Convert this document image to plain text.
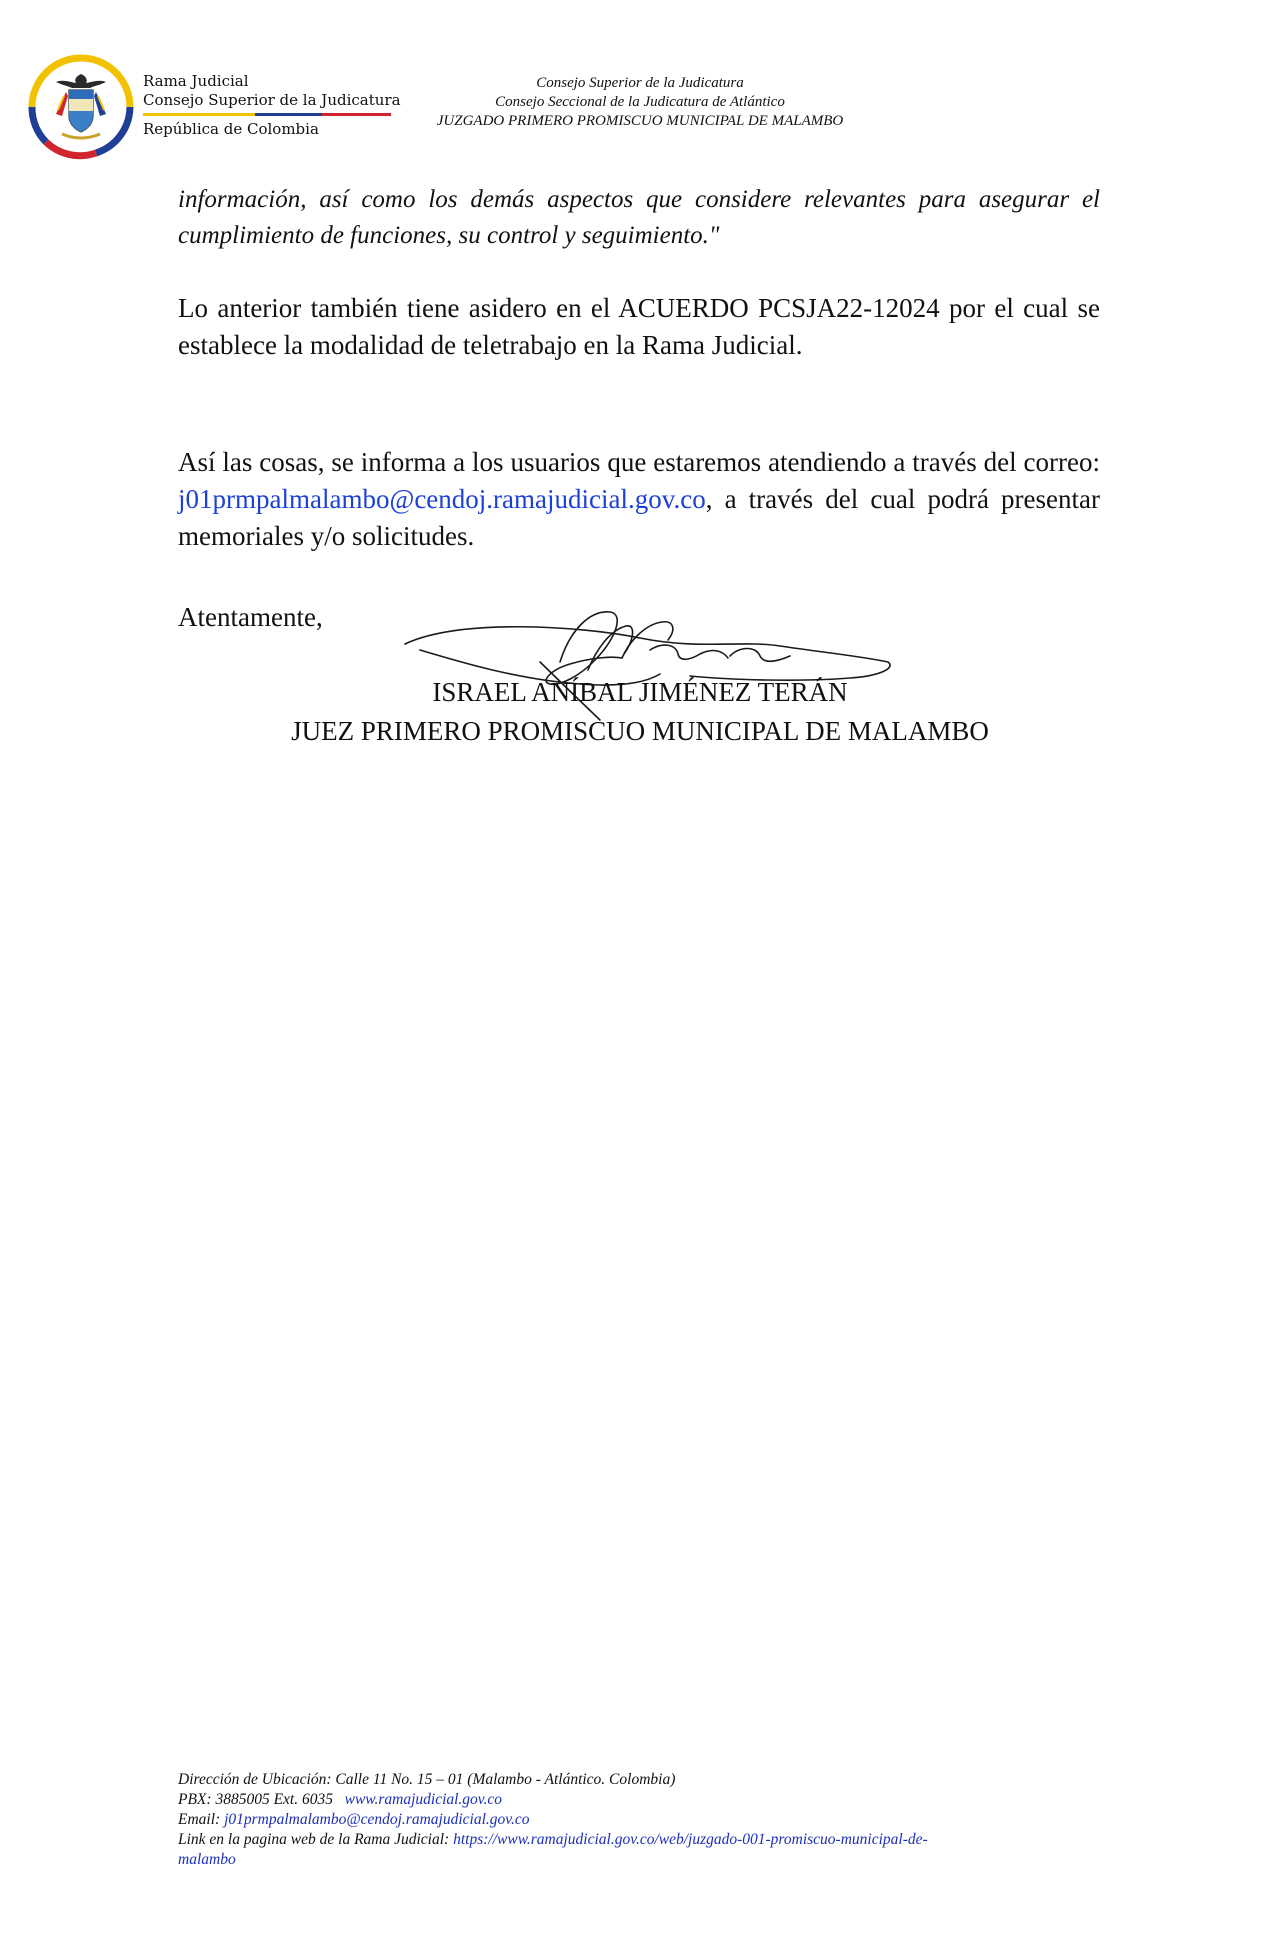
Rama Judicial
Consejo Superior de la Judicatura
República de Colombia
Consejo Superior de la Judicatura
Consejo Seccional de la Judicatura de Atlántico
JUZGADO PRIMERO PROMISCUO MUNICIPAL DE MALAMBO
información, así como los demás aspectos que considere relevantes para asegurar el cumplimiento de funciones, su control y seguimiento."
Lo anterior también tiene asidero en el ACUERDO PCSJA22-12024 por el cual se establece la modalidad de teletrabajo en la Rama Judicial.
Así las cosas, se informa a los usuarios que estaremos atendiendo a través del correo: j01prmpalmalambo@cendoj.ramajudicial.gov.co, a través del cual podrá presentar memoriales y/o solicitudes.
Atentamente,
ISRAEL ANÍBAL JIMÉNEZ TERÁN
JUEZ PRIMERO PROMISCUO MUNICIPAL DE MALAMBO
Dirección de Ubicación: Calle 11 No. 15 – 01 (Malambo - Atlántico. Colombia)
PBX: 3885005 Ext. 6035 www.ramajudicial.gov.co
Email: j01prmpalmalambo@cendoj.ramajudicial.gov.co
Link en la pagina web de la Rama Judicial: https://www.ramajudicial.gov.co/web/juzgado-001-promiscuo-municipal-de-
malambo
